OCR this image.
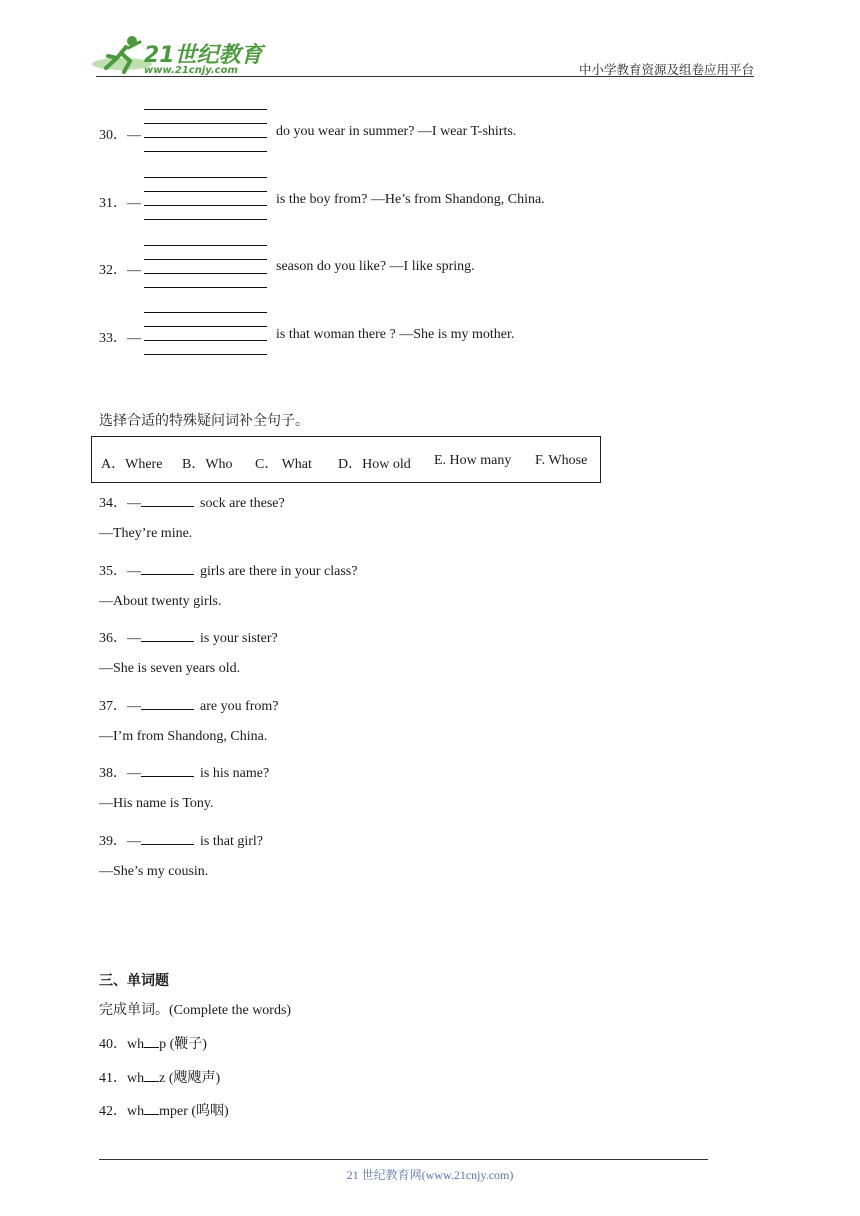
21世纪教育
www.21cnjy.com	中小学教育资源及组卷应用平台
30．—	do you wear in summer? —I wear T-shirts.
31．—	is the boy from? —He’s from Shandong, China.
32．—	season do you like? —I like spring.
33．—	is that woman there ? —She is my mother.
选择合适的特殊疑问词补全句子。
A．Where B．Who C． What D．How old E. How many F. Whose
34．—	sock are these?
—They’re mine.
35．—	girls are there in your class?
—About twenty girls.
36．—	is your sister?
—She is seven years old.
37．—	are you from?
—I’m from Shandong, China.
38．—	is his name?
—His name is Tony.
39．—	is that girl?
—She’s my cousin.
三、单词题
完成单词。(Complete the words)
40．wh p (鞭子)
41．wh z (飕飕声)
42．wh mper (呜咽)
21 世纪教育网(www.21cnjy.com)
